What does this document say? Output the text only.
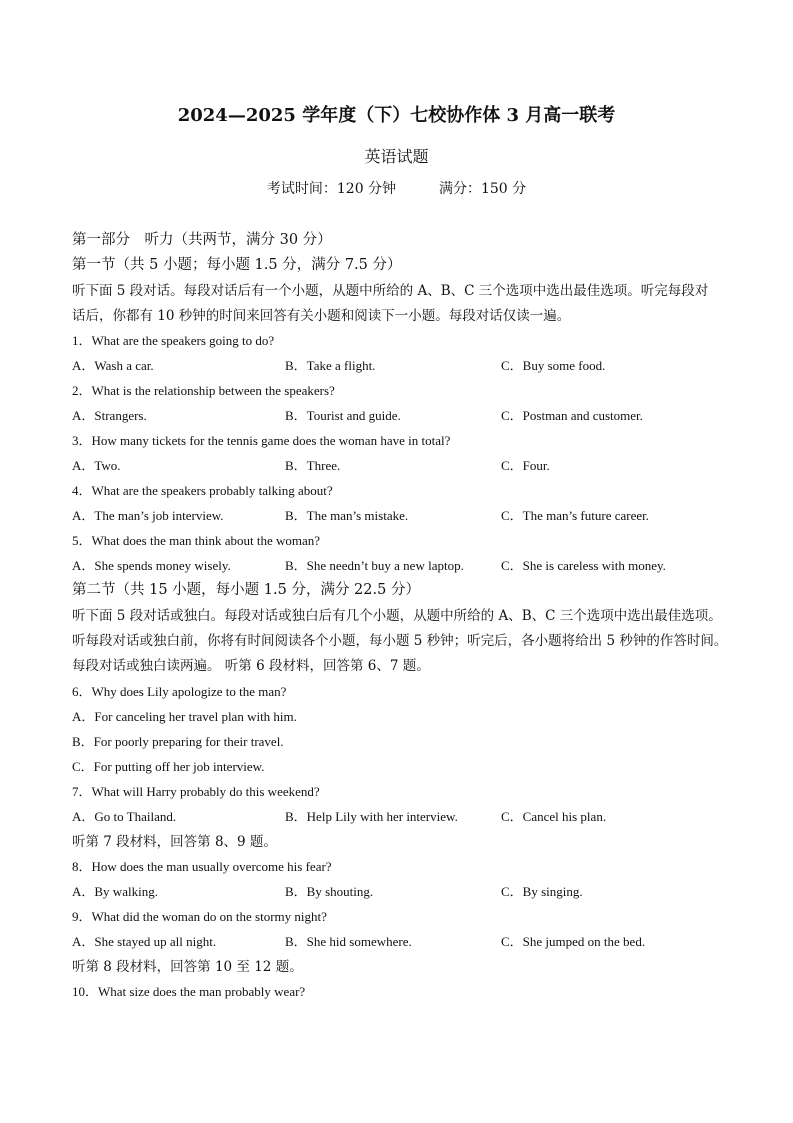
2024—2025 学年度（下）七校协作体 3 月高一联考
英语试题
考试时间：120 分钟	满分：150 分
第一部分　听力（共两节，满分 30 分）
第一节（共 5 小题；每小题 1.5 分，满分 7.5 分）
听下面 5 段对话。每段对话后有一个小题，从题中所给的 A、B、C 三个选项中选出最佳选项。听完每段对
话后，你都有 10 秒钟的时间来回答有关小题和阅读下一小题。每段对话仅读一遍。
1．What are the speakers going to do?
A．Wash a car.	B．Take a flight.	C．Buy some food.
2．What is the relationship between the speakers?
A．Strangers.	B．Tourist and guide.	C．Postman and customer.
3．How many tickets for the tennis game does the woman have in total?
A．Two.	B．Three.	C．Four.
4．What are the speakers probably talking about?
A．The man’s job interview.	B．The man’s mistake.	C．The man’s future career.
5．What does the man think about the woman?
A．She spends money wisely.	B．She needn’t buy a new laptop.	C．She is careless with money.
第二节（共 15 小题，每小题 1.5 分，满分 22.5 分）
听下面 5 段对话或独白。每段对话或独白后有几个小题，从题中所给的 A、B、C 三个选项中选出最佳选项。
听每段对话或独白前，你将有时间阅读各个小题，每小题 5 秒钟；听完后，各小题将给出 5 秒钟的作答时间。
每段对话或独白读两遍。 听第 6 段材料，回答第 6、7 题。
6．Why does Lily apologize to the man?
A．For canceling her travel plan with him.
B．For poorly preparing for their travel.
C．For putting off her job interview.
7．What will Harry probably do this weekend?
A．Go to Thailand.	B．Help Lily with her interview.	C．Cancel his plan.
听第 7 段材料，回答第 8、9 题。
8．How does the man usually overcome his fear?
A．By walking.	B．By shouting.	C．By singing.
9．What did the woman do on the stormy night?
A．She stayed up all night.	B．She hid somewhere.	C．She jumped on the bed.
听第 8 段材料，回答第 10 至 12 题。
10．What size does the man probably wear?
